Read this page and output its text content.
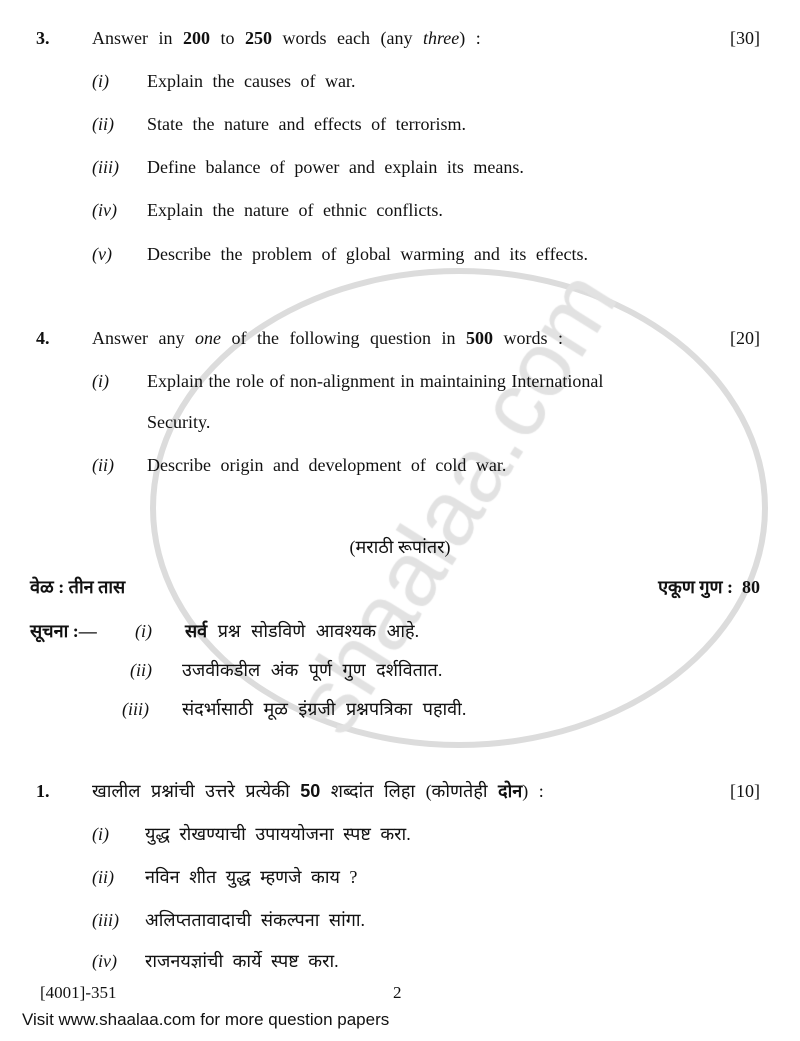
3. Answer in 200 to 250 words each (any three) :	[30]
(i) Explain the causes of war.
(ii) State the nature and effects of terrorism.
(iii) Define balance of power and explain its means.
(iv) Explain the nature of ethnic conflicts.
(v) Describe the problem of global warming and its effects.
4. Answer any one of the following question in 500 words :	[20]
(i) Explain the role of non-alignment in maintaining International
Security.
(ii) Describe origin and development of cold war.
(मराठी रूपांतर)
वेळ : तीन तास	एकूण गुण :  80
सूचना :— (i) सर्व प्रश्न सोडविणे आवश्यक आहे.
(ii) उजवीकडील अंक पूर्ण गुण दर्शवितात.
(iii) संदर्भासाठी मूळ इंग्रजी प्रश्नपत्रिका पहावी.
1. खालील प्रश्नांची उत्तरे प्रत्येकी 50 शब्दांत लिहा (कोणतेही दोन) :	[10]
(i) युद्ध रोखण्याची उपाययोजना स्पष्ट करा.
(ii) नविन शीत युद्ध म्हणजे काय ?
(iii) अलिप्ततावादाची संकल्पना सांगा.
(iv) राजनयज्ञांची कार्ये स्पष्ट करा.
[4001]-351	2
Visit www.shaalaa.com for more question papers
